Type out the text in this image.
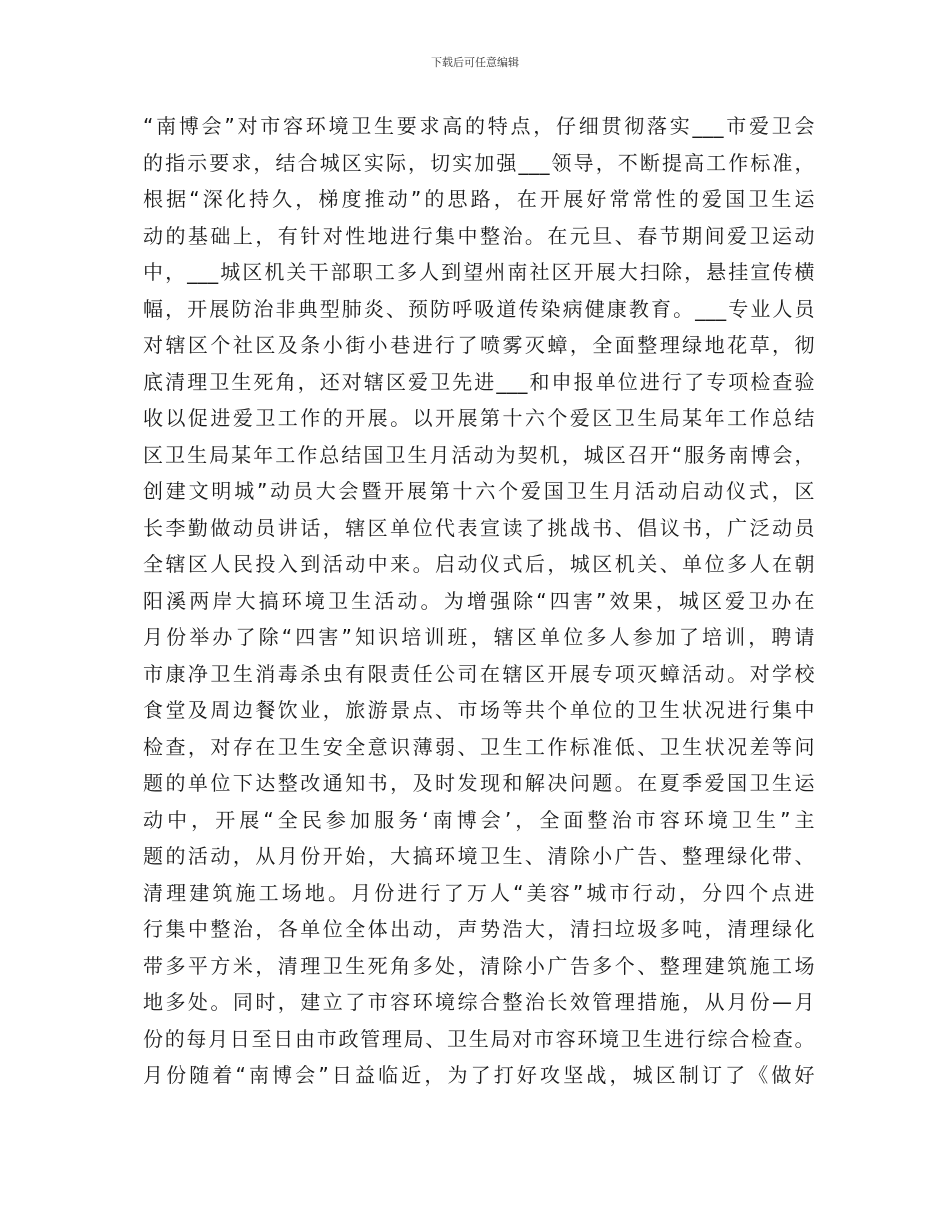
下载后可任意编辑
“南博会”对市容环境卫生要求高的特点，仔细贯彻落实___市爱卫会
的指示要求，结合城区实际，切实加强___领导，不断提高工作标准，
根据“深化持久，梯度推动”的思路，在开展好常常性的爱国卫生运
动的基础上，有针对性地进行集中整治。在元旦、春节期间爱卫运动
中，___城区机关干部职工多人到望州南社区开展大扫除，悬挂宣传横
幅，开展防治非典型肺炎、预防呼吸道传染病健康教育。___专业人员
对辖区个社区及条小街小巷进行了喷雾灭蟑，全面整理绿地花草，彻
底清理卫生死角，还对辖区爱卫先进___和申报单位进行了专项检查验
收以促进爱卫工作的开展。以开展第十六个爱区卫生局某年工作总结
区卫生局某年工作总结国卫生月活动为契机，城区召开“服务南博会，
创建文明城”动员大会暨开展第十六个爱国卫生月活动启动仪式，区
长李勤做动员讲话，辖区单位代表宣读了挑战书、倡议书，广泛动员
全辖区人民投入到活动中来。启动仪式后，城区机关、单位多人在朝
阳溪两岸大搞环境卫生活动。为增强除“四害”效果，城区爱卫办在
月份举办了除“四害”知识培训班，辖区单位多人参加了培训，聘请
市康净卫生消毒杀虫有限责任公司在辖区开展专项灭蟑活动。对学校
食堂及周边餐饮业，旅游景点、市场等共个单位的卫生状况进行集中
检查，对存在卫生安全意识薄弱、卫生工作标准低、卫生状况差等问
题的单位下达整改通知书，及时发现和解决问题。在夏季爱国卫生运
动中，开展“全民参加服务‘南博会’，全面整治市容环境卫生”主
题的活动，从月份开始，大搞环境卫生、清除小广告、整理绿化带、
清理建筑施工场地。月份进行了万人“美容”城市行动，分四个点进
行集中整治，各单位全体出动，声势浩大，清扫垃圾多吨，清理绿化
带多平方米，清理卫生死角多处，清除小广告多个、整理建筑施工场
地多处。同时，建立了市容环境综合整治长效管理措施，从月份—月
份的每月日至日由市政管理局、卫生局对市容环境卫生进行综合检查。
月份随着“南博会”日益临近，为了打好攻坚战，城区制订了《做好
